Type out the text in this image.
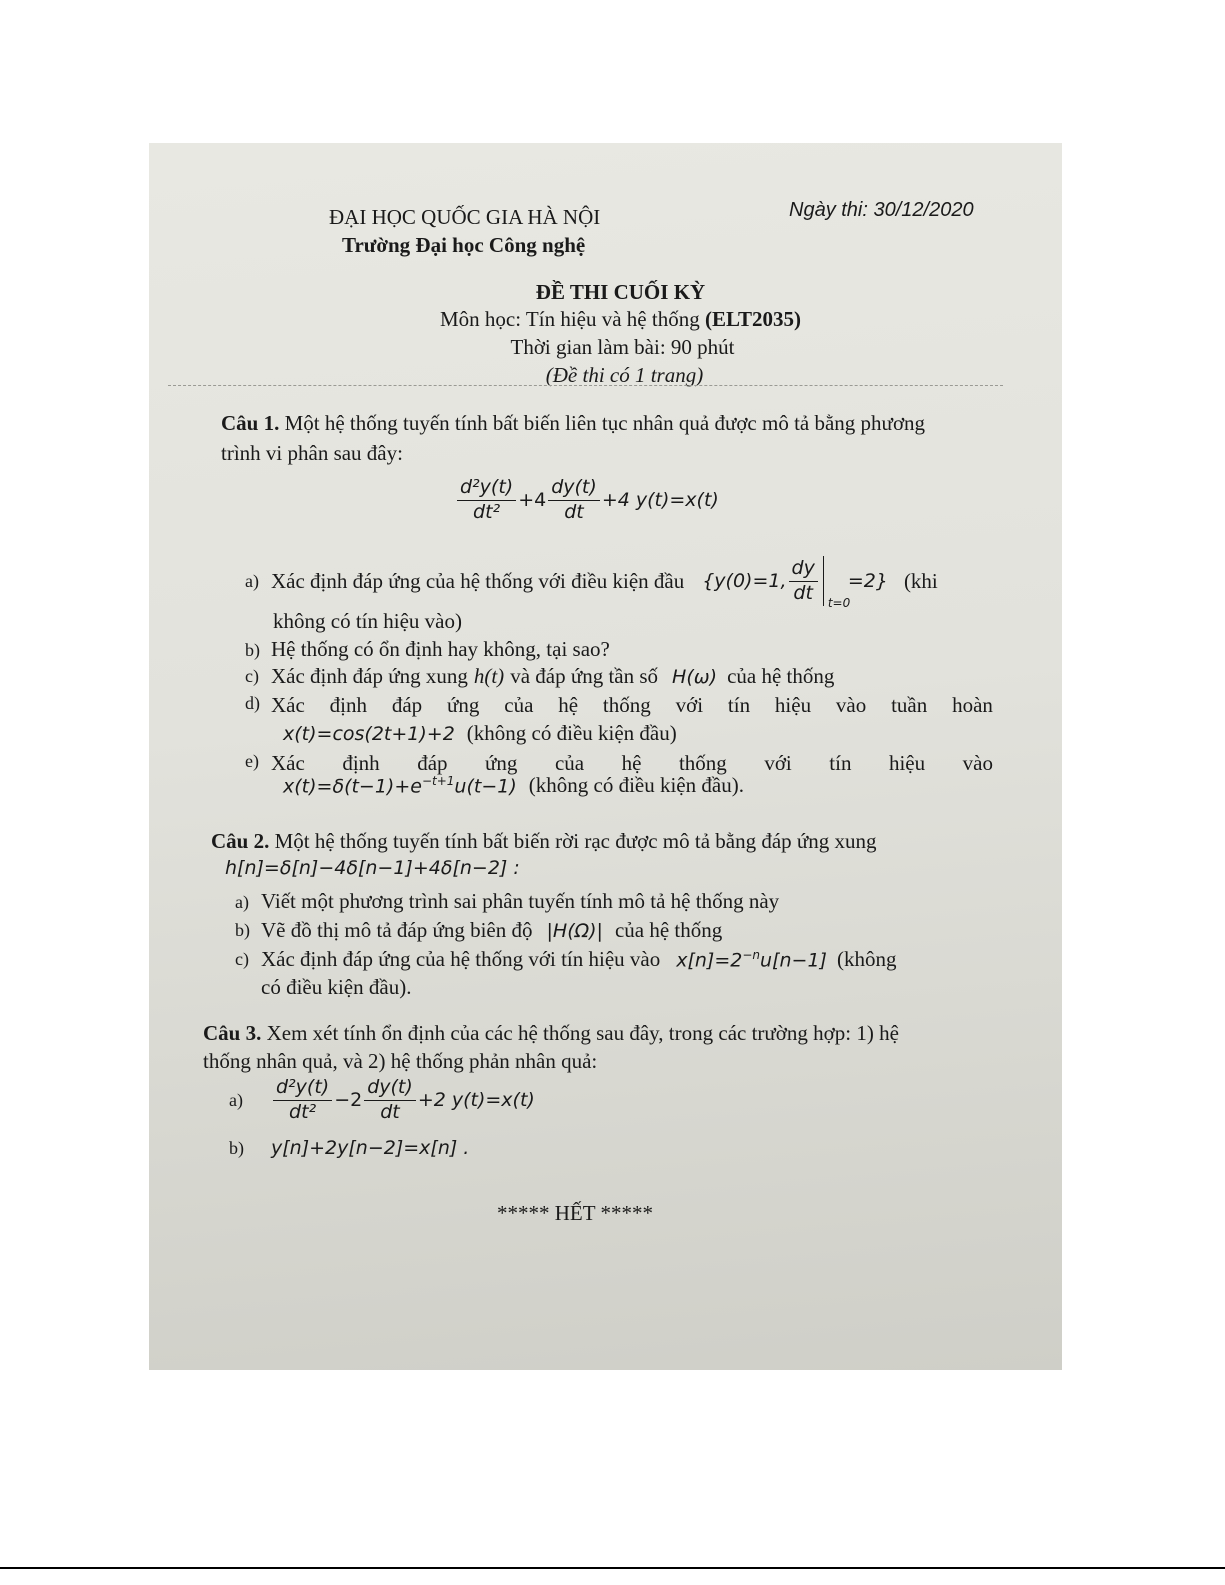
ĐẠI HỌC QUỐC GIA HÀ NỘI
Trường Đại học Công nghệ
Ngày thi: 30/12/2020
ĐỀ THI CUỐI KỲ
Môn học: Tín hiệu và hệ thống (ELT2035)
Thời gian làm bài: 90 phút
(Đề thi có 1 trang)
Câu 1. Một hệ thống tuyến tính bất biến liên tục nhân quả được mô tả bằng phương
trình vi phân sau đây:
$\frac{\text{d²y(t)}}{\text{dt²}} +4 \frac{dy(t)}{dt} +4$ y(t)=x(t)
a) Xác định đáp ứng của hệ thống với điều kiện đầu {y(0)=1, $\frac{dy}{dt} t=0$
=2} (khi
không có tín hiệu vào)
b) Hệ thống có ổn định hay không, tại sao?
c) Xác định đáp ứng xung h(t) và đáp ứng tần số H(ω) của hệ thống
d) Xác định đáp ứng của hệ thống với tín hiệu vào tuần hoàn
x(t)=cos(2t+1)+2 (không có điều kiện đầu)
e) Xác định đáp ứng của hệ thống với tín hiệu vào
$x(t)=\delta(t-1)+e^{-t+1}u(t-1)$ (không có điều kiện đầu).
Câu 2. Một hệ thống tuyến tính bất biến rời rạc được mô tả bằng đáp ứng xung
h[n]=δ[n]−4δ[n−1]+4δ[n−2] :
a) Viết một phương trình sai phân tuyến tính mô tả hệ thống này
b) Vẽ đồ thị mô tả đáp ứng biên độ |H(Ω)| của hệ thống
c) Xác định đáp ứng của hệ thống với tín hiệu vào $x[n]=2^{-n}u[n-1]$ (không
có điều kiện đầu).
Câu 3. Xem xét tính ổn định của các hệ thống sau đây, trong các trường hợp: 1) hệ
thống nhân quả, và 2) hệ thống phản nhân quả:
a)	$\frac{\text{d²y(t)}}{\text{dt²}} -2 \frac{dy(t)}{dt} +2$ y(t)=x(t)
b)	y[n]+2y[n−2]=x[n] .
***** HẾT *****
